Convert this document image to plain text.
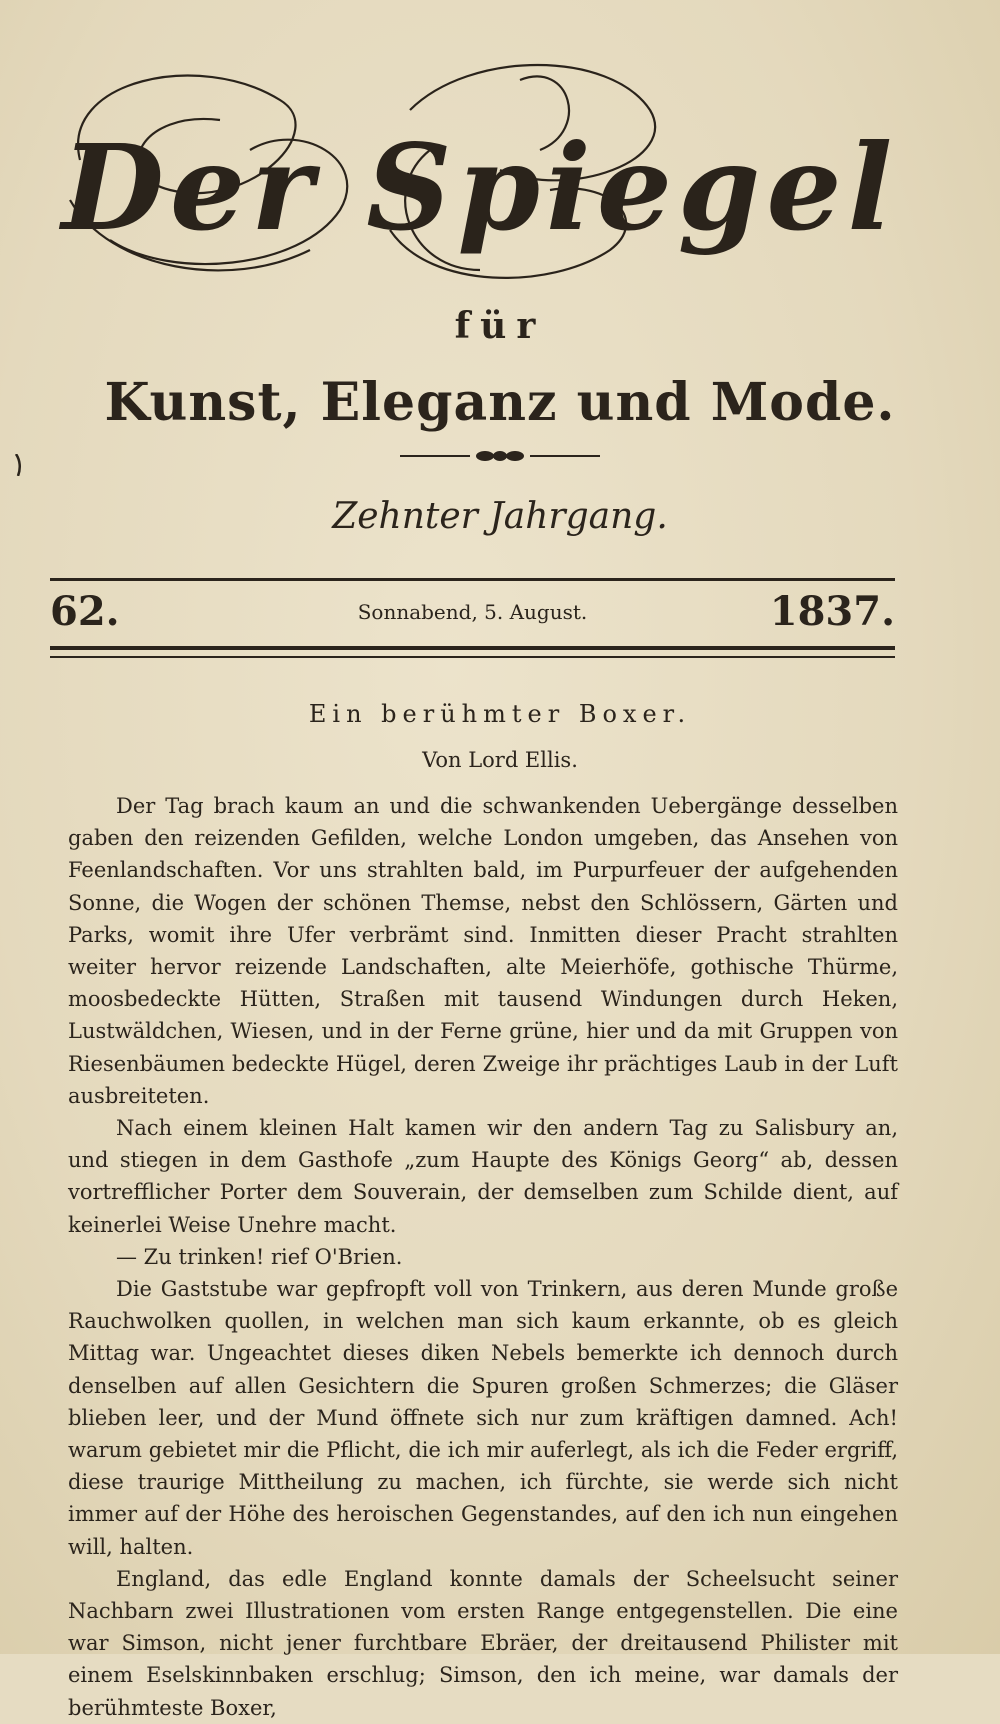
Der Spiegel
für
Kunst, Eleganz und Mode.
Zehnter Jahrgang.
62.	Sonnabend, 5. August.	1837.
Ein berühmter Boxer.
Von Lord Ellis.

Der Tag brach kaum an und die schwankenden Uebergänge desselben gaben den reizenden Gefilden, welche London umgeben, das Ansehen von Feenlandschaften. Vor uns strahlten bald, im Purpurfeuer der aufgehenden Sonne, die Wogen der schönen Themse, nebst den Schlössern, Gärten und Parks, womit ihre Ufer verbrämt sind. Inmitten dieser Pracht strahlten weiter hervor reizende Landschaften, alte Meierhöfe, gothische Thürme, moosbedeckte Hütten, Straßen mit tausend Windungen durch Heken, Lustwäldchen, Wiesen, und in der Ferne grüne, hier und da mit Gruppen von Riesenbäumen bedeckte Hügel, deren Zweige ihr prächtiges Laub in der Luft ausbreiteten.

Nach einem kleinen Halt kamen wir den andern Tag zu Salisbury an, und stiegen in dem Gasthofe „zum Haupte des Königs Georg“ ab, dessen vortrefflicher Porter dem Souverain, der demselben zum Schilde dient, auf keinerlei Weise Unehre macht.

— Zu trinken! rief O'Brien.

Die Gaststube war gepfropft voll von Trinkern, aus deren Munde große Rauchwolken quollen, in welchen man sich kaum erkannte, ob es gleich Mittag war. Ungeachtet dieses diken Nebels bemerkte ich dennoch durch denselben auf allen Gesichtern die Spuren großen Schmerzes; die Gläser blieben leer, und der Mund öffnete sich nur zum kräftigen damned. Ach! warum gebietet mir die Pflicht, die ich mir auferlegt, als ich die Feder ergriff, diese traurige Mittheilung zu machen, ich fürchte, sie werde sich nicht immer auf der Höhe des heroischen Gegenstandes, auf den ich nun eingehen will, halten.

England, das edle England konnte damals der Scheelsucht seiner Nachbarn zwei Illustrationen vom ersten Range entgegenstellen. Die eine war Simson, nicht jener furchtbare Ebräer, der dreitausend Philister mit einem Eselskinnbaken erschlug; Simson, den ich meine, war damals der berühmteste Boxer,
